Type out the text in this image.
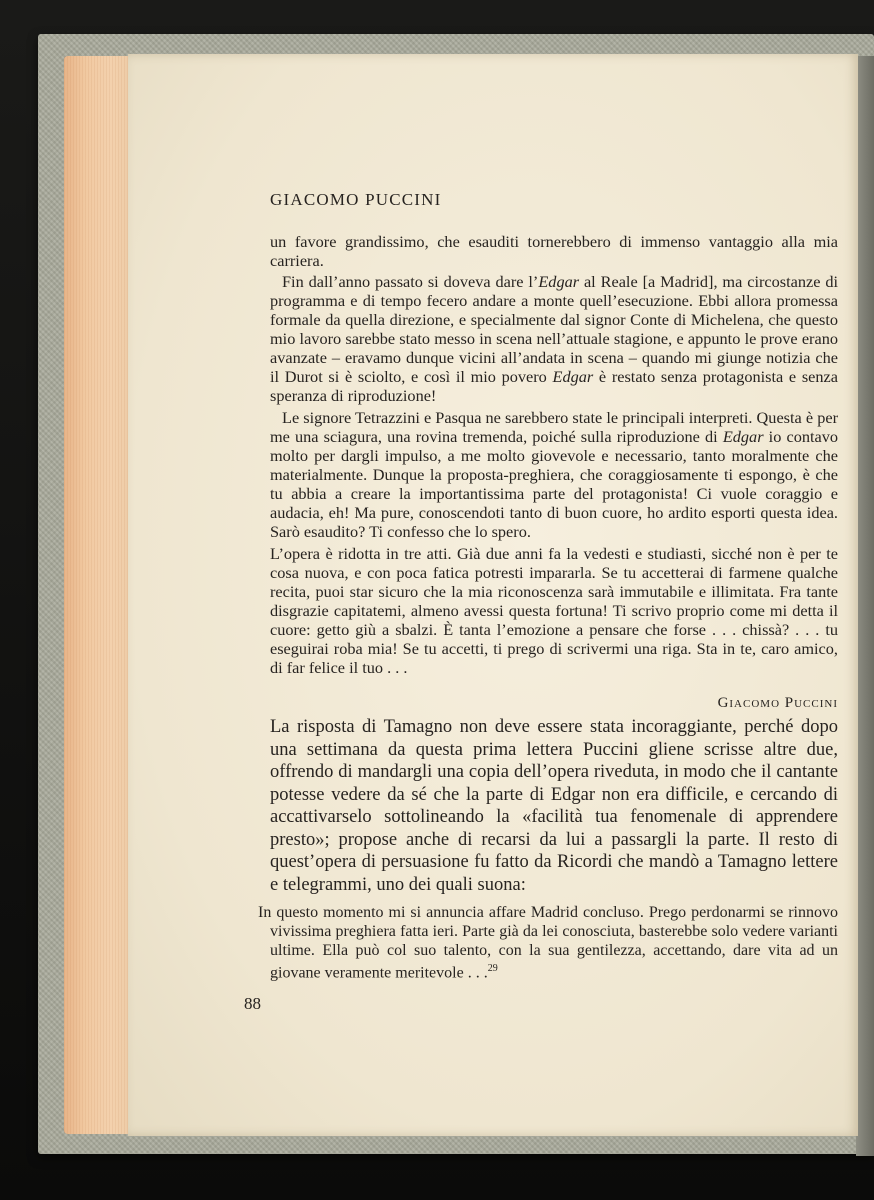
GIACOMO PUCCINI

un favore grandissimo, che esauditi tornerebbero di immenso vantaggio alla mia carriera.

Fin dall’anno passato si doveva dare l’Edgar al Reale [a Madrid], ma circostanze di programma e di tempo fecero andare a monte quell’esecuzione. Ebbi allora promessa formale da quella direzione, e specialmente dal signor Conte di Michelena, che questo mio lavoro sarebbe stato messo in scena nell’attuale stagione, e appunto le prove erano avanzate – eravamo dunque vicini all’andata in scena – quando mi giunge notizia che il Durot si è sciolto, e così il mio povero Edgar è restato senza protagonista e senza speranza di riproduzione!

Le signore Tetrazzini e Pasqua ne sarebbero state le principali interpreti. Questa è per me una sciagura, una rovina tremenda, poiché sulla riproduzione di Edgar io contavo molto per dargli impulso, a me molto giovevole e necessario, tanto moralmente che materialmente. Dunque la proposta-preghiera, che coraggiosamente ti espongo, è che tu abbia a creare la importantissima parte del protagonista! Ci vuole coraggio e audacia, eh! Ma pure, conoscendoti tanto di buon cuore, ho ardito esporti questa idea. Sarò esaudito? Ti confesso che lo spero.

L’opera è ridotta in tre atti. Già due anni fa la vedesti e studiasti, sicché non è per te cosa nuova, e con poca fatica potresti impararla. Se tu accetterai di farmene qualche recita, puoi star sicuro che la mia riconoscenza sarà immutabile e illimitata. Fra tante disgrazie capitatemi, almeno avessi questa fortuna! Ti scrivo proprio come mi detta il cuore: getto giù a sbalzi. È tanta l’emozione a pensare che forse . . . chissà? . . . tu eseguirai roba mia! Se tu accetti, ti prego di scrivermi una riga. Sta in te, caro amico, di far felice il tuo . . .

Giacomo Puccini

La risposta di Tamagno non deve essere stata incoraggiante, perché dopo una settimana da questa prima lettera Puccini gliene scrisse altre due, offrendo di mandargli una copia dell’opera riveduta, in modo che il cantante potesse vedere da sé che la parte di Edgar non era difficile, e cercando di accattivarselo sottolineando la «facilità tua fenomenale di apprendere presto»; propose anche di recarsi da lui a passargli la parte. Il resto di quest’opera di persuasione fu fatto da Ricordi che mandò a Tamagno lettere e telegrammi, uno dei quali suona:

In questo momento mi si annuncia affare Madrid concluso. Prego perdonarmi se rinnovo vivissima preghiera fatta ieri. Parte già da lei conosciuta, basterebbe solo vedere varianti ultime. Ella può col suo talento, con la sua gentilezza, accettando, dare vita ad un giovane veramente meritevole . . .$^{29}$

88
